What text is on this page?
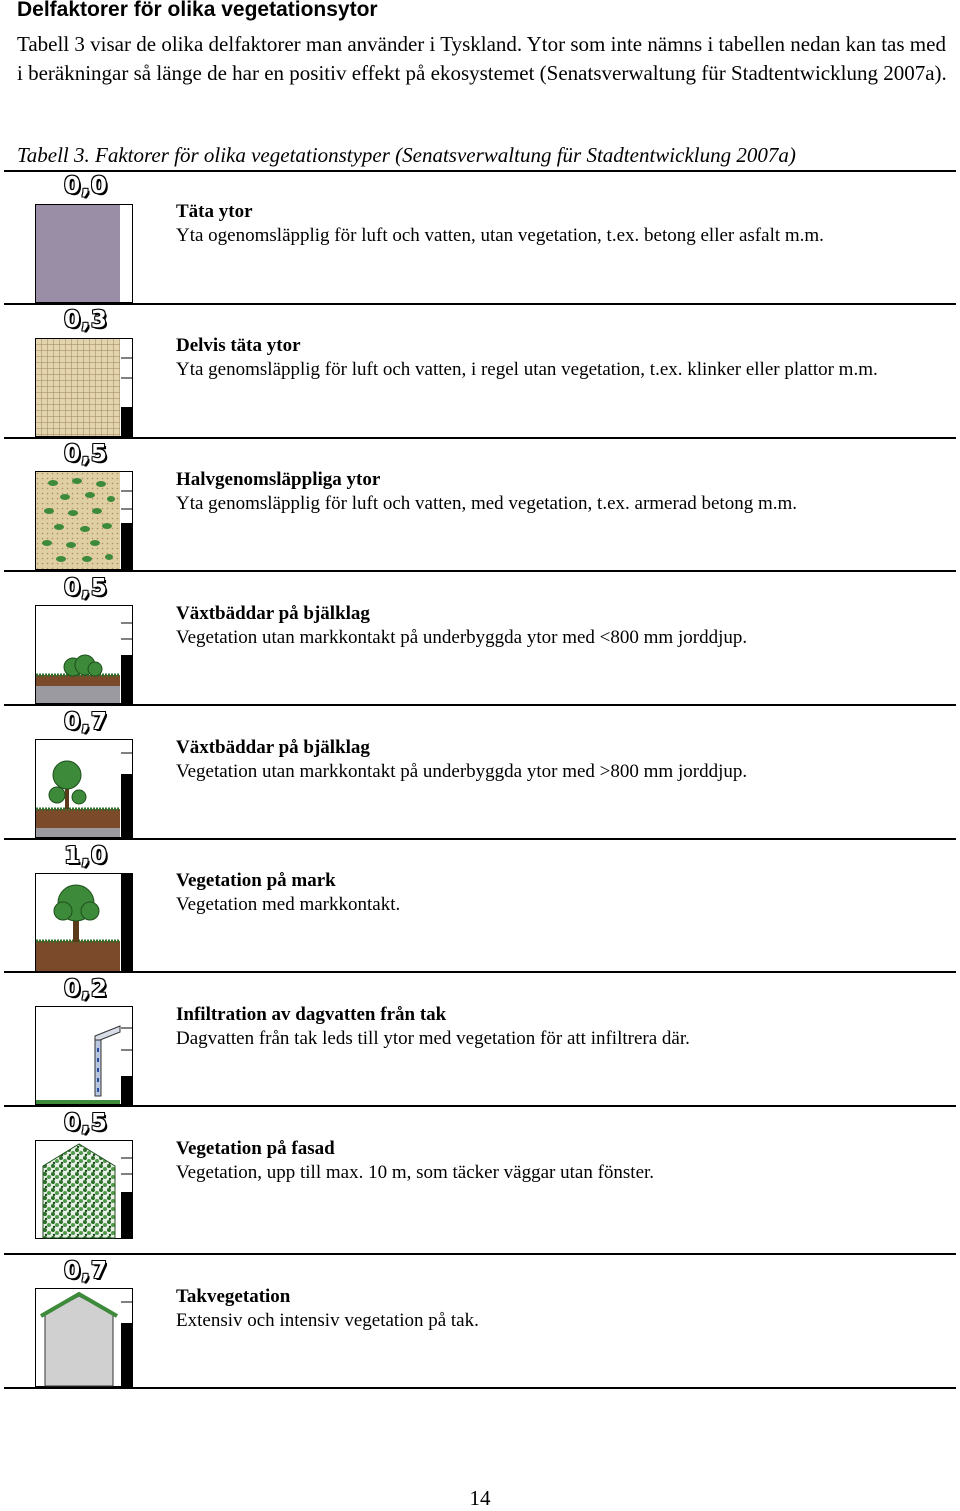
Delfaktorer för olika vegetationsytor
Tabell 3 visar de olika delfaktorer man använder i Tyskland. Ytor som inte nämns i tabellen nedan kan tas med i beräkningar så länge de har en positiv effekt på ekosystemet (Senatsverwaltung für Stadtentwicklung 2007a).
Tabell 3. Faktorer för olika vegetationstyper (Senatsverwaltung für Stadtentwicklung 2007a)
0,0
Täta ytor
Yta ogenomsläpplig för luft och vatten, utan vegetation, t.ex. betong eller asfalt m.m.
0,3
Delvis täta ytor
Yta genomsläpplig för luft och vatten, i regel utan vegetation, t.ex. klinker eller plattor m.m.
0,5
Halvgenomsläppliga ytor
Yta genomsläpplig för luft och vatten, med vegetation, t.ex. armerad betong m.m.
0,5
Växtbäddar på bjälklag
Vegetation utan markkontakt på underbyggda ytor med <800 mm jorddjup.
0,7
Växtbäddar på bjälklag
Vegetation utan markkontakt på underbyggda ytor med >800 mm jorddjup.
1,0
Vegetation på mark
Vegetation med markkontakt.
0,2
Infiltration av dagvatten från tak
Dagvatten från tak leds till ytor med vegetation för att infiltrera där.
0,5
Vegetation på fasad
Vegetation, upp till max. 10 m, som täcker väggar utan fönster.
0,7
Takvegetation
Extensiv och intensiv vegetation på tak.
14
